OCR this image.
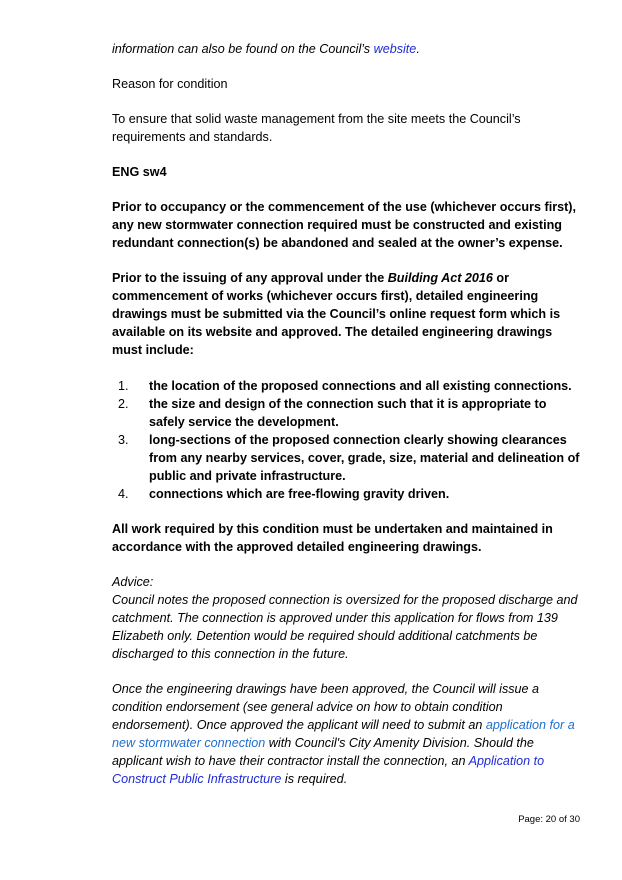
information can also be found on the Council’s website.

Reason for condition

To ensure that solid waste management from the site meets the Council’s requirements and standards.

ENG sw4

Prior to occupancy or the commencement of the use (whichever occurs first), any new stormwater connection required must be constructed and existing redundant connection(s) be abandoned and sealed at the owner’s expense.

Prior to the issuing of any approval under the Building Act 2016 or commencement of works (whichever occurs first), detailed engineering drawings must be submitted via the Council’s online request form which is available on its website and approved. The detailed engineering drawings must include:

1. the location of the proposed connections and all existing connections.
2. the size and design of the connection such that it is appropriate to safely service the development.
3. long-sections of the proposed connection clearly showing clearances from any nearby services, cover, grade, size, material and delineation of public and private infrastructure.
4. connections which are free-flowing gravity driven.

All work required by this condition must be undertaken and maintained in accordance with the approved detailed engineering drawings.

Advice:

Council notes the proposed connection is oversized for the proposed discharge and catchment. The connection is approved under this application for flows from 139 Elizabeth only. Detention would be required should additional catchments be discharged to this connection in the future.

Once the engineering drawings have been approved, the Council will issue a condition endorsement (see general advice on how to obtain condition endorsement). Once approved the applicant will need to submit an application for a new stormwater connection with Council's City Amenity Division. Should the applicant wish to have their contractor install the connection, an Application to Construct Public Infrastructure is required.

Page: 20 of 30
